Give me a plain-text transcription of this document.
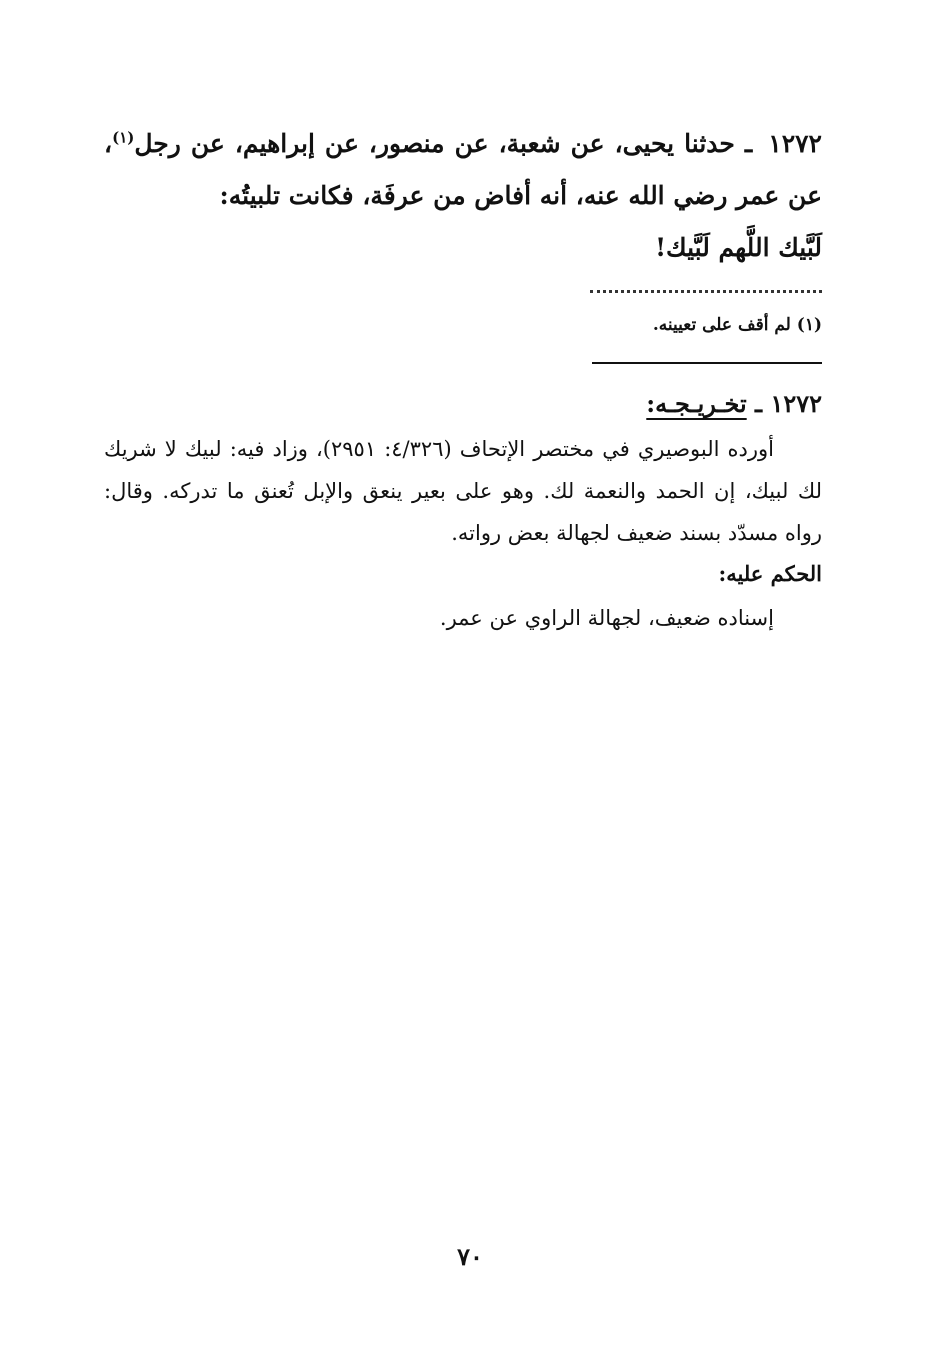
١٢٧٢ ـ حدثنا يحيى، عن شعبة، عن منصور، عن إبراهيم، عن رجل$^{(١)}$، عن عمر رضي الله عنه، أنه أفاض من عرفَة، فكانت تلبيتُه:
لَبَّيك اللَّهم لَبَّيك!
(١) لم أقف على تعيينه.
١٢٧٢ ـ تخـريـجـه:
أورده البوصيري في مختصر الإتحاف (٤/٣٢٦: ٢٩٥١)، وزاد فيه: لبيك لا شريك لك لبيك، إن الحمد والنعمة لك. وهو على بعير ينعق والإبل تُعنق ما تدركه. وقال: رواه مسدّد بسند ضعيف لجهالة بعض رواته.
الحكم عليه:
إسناده ضعيف، لجهالة الراوي عن عمر.
٧٠
